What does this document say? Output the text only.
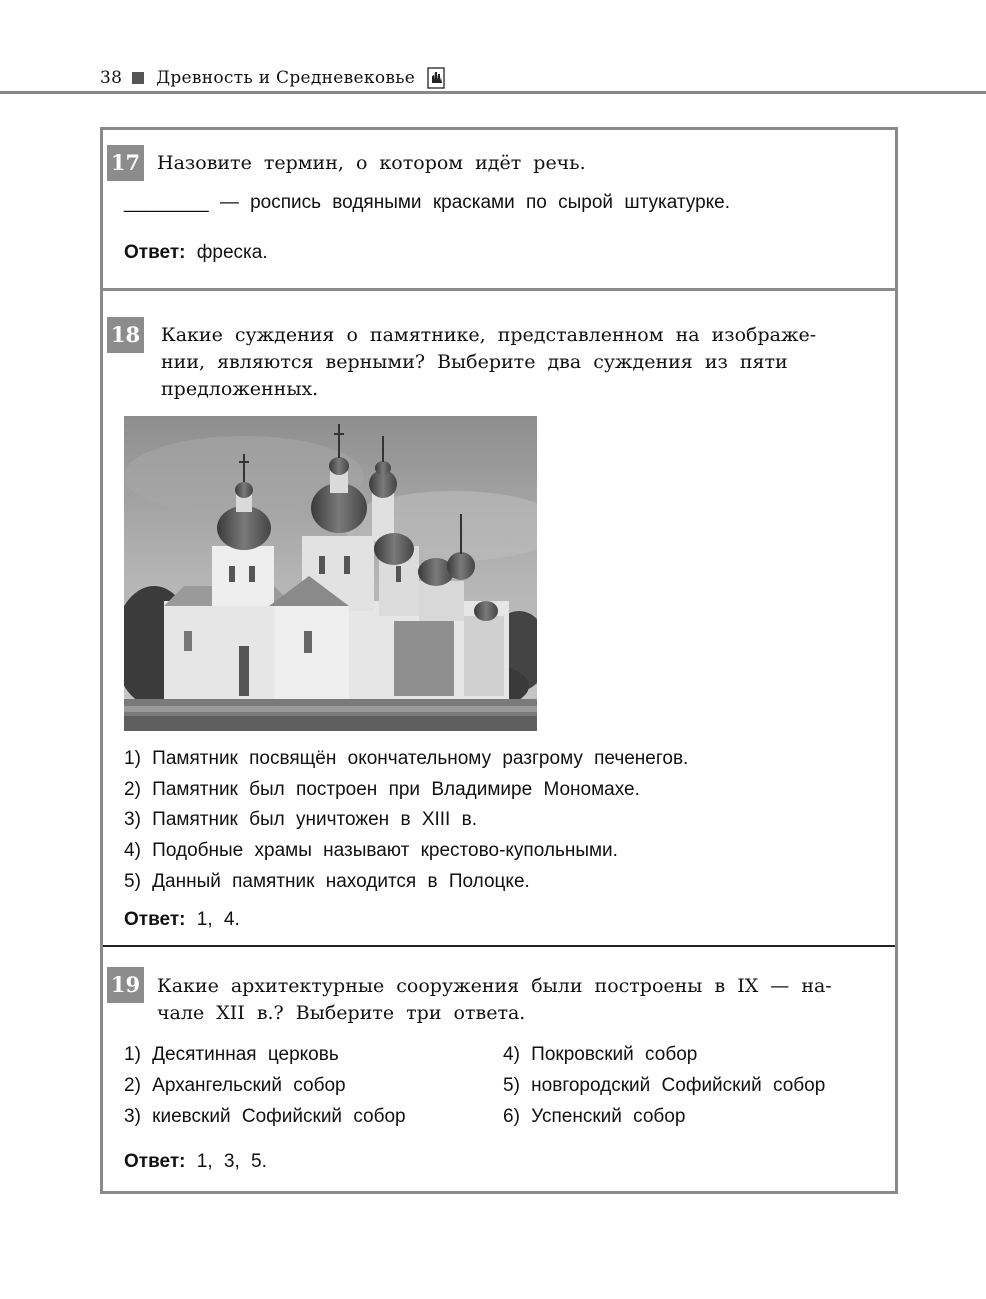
38 Древность и Средневековье
17 Назовите термин, о котором идёт речь.
________ — роспись водяными красками по сырой штукатурке.
Ответ: фреска.
18 Какие суждения о памятнике, представленном на изображе-
нии, являются верными? Выберите два суждения из пяти
предложенных.
1) Памятник посвящён окончательному разгрому печенегов.
2) Памятник был построен при Владимире Мономахе.
3) Памятник был уничтожен в XIII в.
4) Подобные храмы называют крестово-купольными.
5) Данный памятник находится в Полоцке.
Ответ: 1, 4.
19 Какие архитектурные сооружения были построены в IX — на-
чале XII в.? Выберите три ответа.
1) Десятинная церковь
2) Архангельский собор
3) киевский Софийский собор
4) Покровский собор
5) новгородский Софийский собор
6) Успенский собор
Ответ: 1, 3, 5.
